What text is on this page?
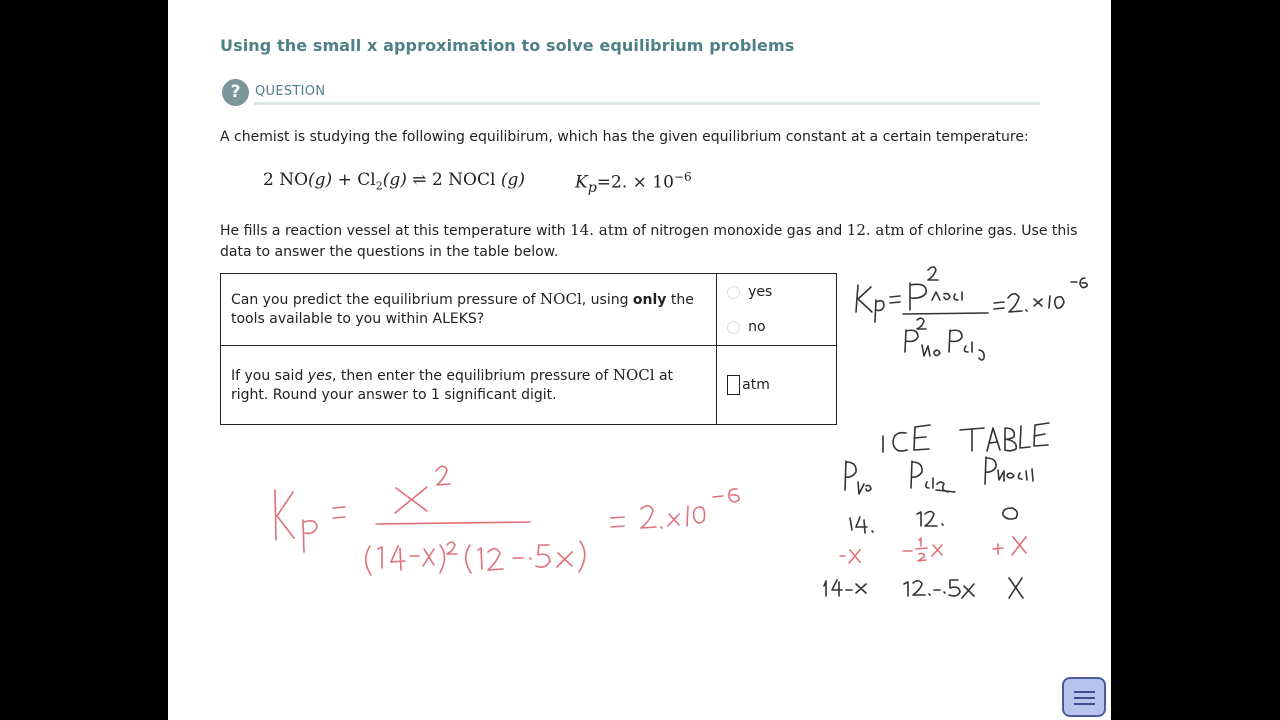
Using the small x approximation to solve equilibrium problems
?	QUESTION
A chemist is studying the following equilibirum, which has the given equilibrium constant at a certain temperature:
2 $NO(g) + Cl_2(g)$ ⇌ 2 NOCl (g)	$K_p=2$. × $10^{-6}$
He fills a reaction vessel at this temperature with 14. atm of nitrogen monoxide gas and 12. atm of chlorine gas. Use this data to answer the questions in the table below.
Can you predict the equilibrium pressure of NOCl, using only the tools available to you within ALEKS?	yes
no

If you said yes, then enter the equilibrium pressure of NOCl at right. Round your answer to 1 significant digit.	atm
